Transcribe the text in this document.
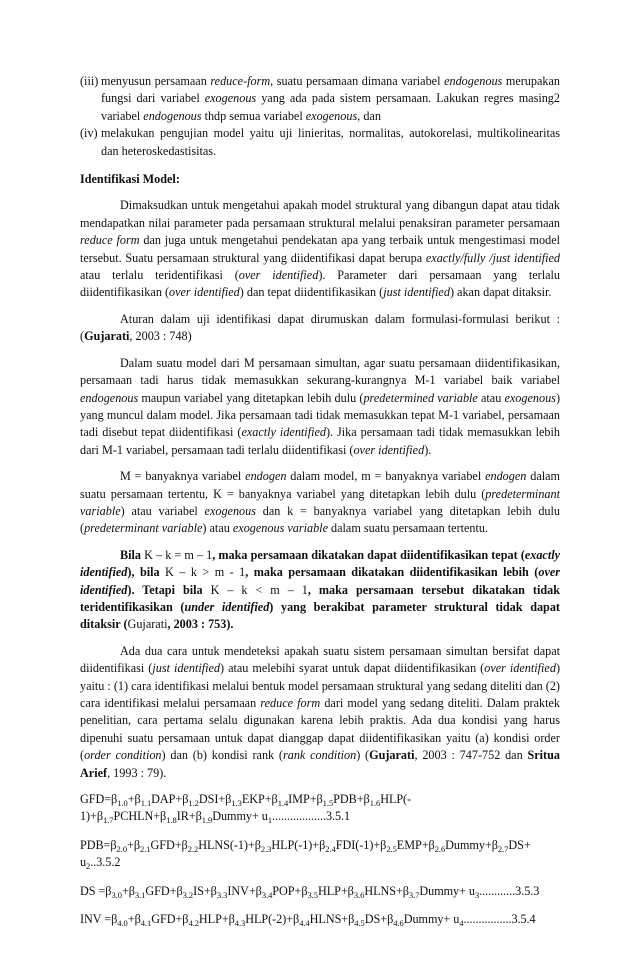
(iii) menyusun persamaan reduce-form, suatu persamaan dimana variabel endogenous merupakan fungsi dari variabel exogenous yang ada pada sistem persamaan. Lakukan regres masing2 variabel endogenous thdp semua variabel exogenous, dan
(iv) melakukan pengujian model yaitu uji linieritas, normalitas, autokorelasi, multikolinearitas dan heteroskedastisitas.

Identifikasi Model:

Dimaksudkan untuk mengetahui apakah model struktural yang dibangun dapat atau tidak mendapatkan nilai parameter pada persamaan struktural melalui penaksiran parameter persamaan reduce form dan juga untuk mengetahui pendekatan apa yang terbaik untuk mengestimasi model tersebut. Suatu persamaan struktural yang diidentifikasi dapat berupa exactly/fully /just identified atau terlalu teridentifikasi (over identified). Parameter dari persamaan yang terlalu diidentifikasikan (over identified) dan tepat diidentifikasikan (just identified) akan dapat ditaksir.

Aturan dalam uji identifikasi dapat dirumuskan dalam formulasi-formulasi berikut : (Gujarati, 2003 : 748)

Dalam suatu model dari M persamaan simultan, agar suatu persamaan diidentifikasikan, persamaan tadi harus tidak memasukkan sekurang-kurangnya M-1 variabel baik variabel endogenous maupun variabel yang ditetapkan lebih dulu (predetermined variable atau exogenous) yang muncul dalam model. Jika persamaan tadi tidak memasukkan tepat M-1 variabel, persamaan tadi disebut tepat diidentifikasi (exactly identified). Jika persamaan tadi tidak memasukkan lebih dari M-1 variabel, persamaan tadi terlalu diidentifikasi (over identified).

M = banyaknya variabel endogen dalam model, m = banyaknya variabel endogen dalam suatu persamaan tertentu, K = banyaknya variabel yang ditetapkan lebih dulu (predeterminant variable) atau variabel exogenous dan k = banyaknya variabel yang ditetapkan lebih dulu (predeterminant variable) atau exogenous variable dalam suatu persamaan tertentu.

Bila K – k = m – 1, maka persamaan dikatakan dapat diidentifikasikan tepat (exactly identified), bila K – k > m - 1, maka persamaan dikatakan diidentifikasikan lebih (over identified). Tetapi bila K – k < m – 1, maka persamaan tersebut dikatakan tidak teridentifikasikan (under identified) yang berakibat parameter struktural tidak dapat ditaksir (Gujarati, 2003 : 753).

Ada dua cara untuk mendeteksi apakah suatu sistem persamaan simultan bersifat dapat diidentifikasi (just identified) atau melebihi syarat untuk dapat diidentifikasikan (over identified) yaitu : (1) cara identifikasi melalui bentuk model persamaan struktural yang sedang diteliti dan (2) cara identifikasi melalui persamaan reduce form dari model yang sedang diteliti. Dalam praktek penelitian, cara pertama selalu digunakan karena lebih praktis. Ada dua kondisi yang harus dipenuhi suatu persamaan untuk dapat dianggap dapat diidentifikasikan yaitu (a) kondisi order (order condition) dan (b) kondisi rank (rank condition) (Gujarati, 2003 : 747-752 dan Sritua Arief, 1993 : 79).

$GFD=\beta_{1.0}+\beta_{1.1}DAP+\beta_{1.2}DSI+\beta_{1.3}EKP+\beta_{1.4}IMP+\beta_{1.5}PDB+\beta_{1.6}HLP(-$
$1)+\beta_{1.7}PCHLN+\beta_{1.8}IR+\beta_{1.9}Dummy+ u_1..................3.5.1$

$PDB=\beta_{2.0}+\beta_{2.1}GFD+\beta_{2.2}HLNS(-1)+\beta_{2.3}HLP(-1)+\beta_{2.4}FDI(-1)+\beta_{2.5}EMP+\beta_{2.6}Dummy+\beta_{2.7}DS+$
$u_2..3.5.2$

DS $=\beta_{3.0}+\beta_{3.1}GFD+\beta_{3.2}IS+\beta_{3.3}INV+\beta_{3.4}POP+\beta_{3.5}HLP+\beta_{3.6}HLNS+\beta_{3.7}Dummy+ u_3............3.5.3$

INV $=\beta_{4.0}+\beta_{4.1}GFD+\beta_{4.2}HLP+\beta_{4.3}HLP(-2)+\beta_{4.4}HLNS+\beta_{4.5}DS+\beta_{4.6}Dummy+ u_4................3.5.4$
